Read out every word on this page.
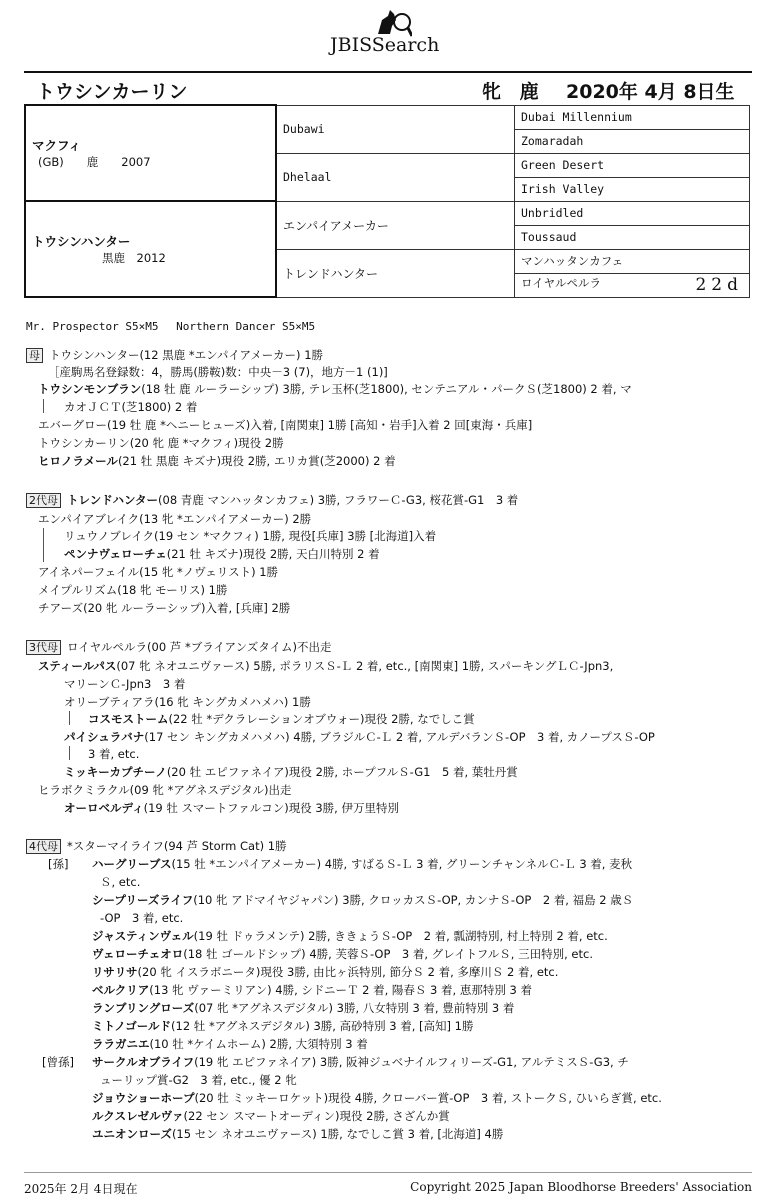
JBISSearch
トウシンカーリン	牝 鹿 2020年 4月 8日生
マクフィ
(GB)　　鹿　　2007	Dubawi	Dubai Millennium
		Zomaradah
	Dhelaal	Green Desert
		Irish Valley

トウシンハンター
黒鹿　2012	エンパイアメーカー	Unbridled
		Toussaud
	トレンドハンター	マンハッタンカフェ
		ロイヤルペルラ 22d
Mr. Prospector S5×M5　 Northern Dancer S5×M5
母 トウシンハンター(12 黒鹿 *エンパイアメーカー) 1勝
［産駒馬名登録数：4，勝馬(勝鞍)数：中央－3 (7)，地方－1 (1)]
トウシンモンブラン(18 牡 鹿 ルーラーシップ) 3勝, テレ玉杯(芝1800), センテニアル・パークＳ(芝1800) 2 着, マ
カオＪＣＴ(芝1800) 2 着
エバーグロー(19 牡 鹿 *ヘニーヒューズ)入着, [南関東] 1勝 [高知・岩手]入着 2 回[東海・兵庫]
トウシンカーリン(20 牝 鹿 *マクフィ)現役 2勝
ヒロノラメール(21 牡 黒鹿 キズナ)現役 2勝, エリカ賞(芝2000) 2 着
2代母 トレンドハンター(08 青鹿 マンハッタンカフェ) 3勝, フラワーＣ-G3, 桜花賞-G1　3 着
エンパイアブレイク(13 牝 *エンパイアメーカー) 2勝
リュウノブレイク(19 セン *マクフィ) 1勝, 現役[兵庫] 3勝 [北海道]入着
ペンナヴェローチェ(21 牡 キズナ)現役 2勝, 天白川特別 2 着
アイネパーフェイル(15 牝 *ノヴェリスト) 1勝
メイプルリズム(18 牝 モーリス) 1勝
チアーズ(20 牝 ルーラーシップ)入着, [兵庫] 2勝
3代母 ロイヤルペルラ(00 芦 *ブライアンズタイム)不出走
スティールパス(07 牝 ネオユニヴァース) 5勝, ポラリスＳ-Ｌ 2 着, etc., [南関東] 1勝, スパーキングＬＣ-Jpn3,
マリーンＣ-Jpn3　3 着
オリーブティアラ(16 牝 キングカメハメハ) 1勝
コスモストーム(22 牡 *デクラレーションオブウォー)現役 2勝, なでしこ賞
パイシュラバナ(17 セン キングカメハメハ) 4勝, ブラジルＣ-Ｌ 2 着, アルデバランＳ-OP　3 着, カノープスＳ-OP
3 着, etc.
ミッキーカプチーノ(20 牡 エピファネイア)現役 2勝, ホープフルＳ-G1　5 着, 葉牡丹賞
ヒラボクミラクル(09 牝 *アグネスデジタル)出走
オーロベルディ(19 牡 スマートファルコン)現役 3勝, 伊万里特別
4代母 *スターマイライフ(94 芦 Storm Cat) 1勝
[孫] ハーグリーブス(15 牡 *エンパイアメーカー) 4勝, すばるＳ-Ｌ 3 着, グリーンチャンネルＣ-Ｌ 3 着, 麦秋
Ｓ, etc.
シープリーズライフ(10 牝 アドマイヤジャパン) 3勝, クロッカスＳ-OP, カンナＳ-OP　2 着, 福島 2 歳Ｓ
-OP　3 着, etc.
ジャスティンヴェル(19 牡 ドゥラメンテ) 2勝, ききょうＳ-OP　2 着, 瓢湖特別, 村上特別 2 着, etc.
ヴェローチェオロ(18 牡 ゴールドシップ) 4勝, 芙蓉Ｓ-OP　3 着, グレイトフルＳ, 三田特別, etc.
リサリサ(20 牝 イスラボニータ)現役 3勝, 由比ヶ浜特別, 節分Ｓ 2 着, 多摩川Ｓ 2 着, etc.
ベルクリア(13 牝 ヴァーミリアン) 4勝, シドニーＴ 2 着, 陽春Ｓ 3 着, 恵那特別 3 着
ランブリングローズ(07 牝 *アグネスデジタル) 3勝, 八女特別 3 着, 豊前特別 3 着
ミトノゴールド(12 牡 *アグネスデジタル) 3勝, 高砂特別 3 着, [高知] 1勝
ララガニエ(10 牡 *ケイムホーム) 2勝, 大須特別 3 着
[曾孫] サークルオブライフ(19 牝 エピファネイア) 3勝, 阪神ジュベナイルフィリーズ-G1, アルテミスＳ-G3, チ
ューリップ賞-G2　3 着, etc., 優 2 牝
ジョウショーホープ(20 牡 ミッキーロケット)現役 4勝, クローバー賞-OP　3 着, ストークＳ, ひいらぎ賞, etc.
ルクスレゼルヴァ(22 セン スマートオーディン)現役 2勝, さざんか賞
ユニオンローズ(15 セン ネオユニヴァース) 1勝, なでしこ賞 3 着, [北海道] 4勝
2025年 2月 4日現在	Copyright 2025 Japan Bloodhorse Breeders' Association
